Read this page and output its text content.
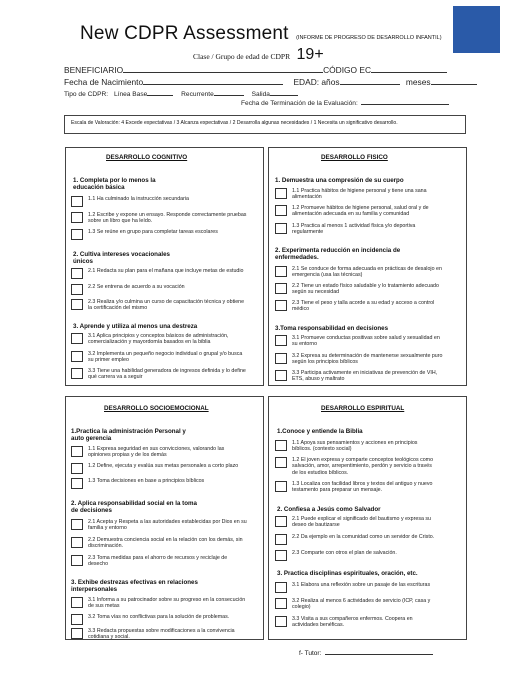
New CDPR Assessment (INFORME DE PROGRESO DE DESARROLLO INFANTIL)
Clase / Grupo de edad de CDPR 19+
BENEFICIARIO	CÓDIGO EC
Fecha de Nacimiento	EDAD: años	meses
Tipo de CDPR: Línea Base	Recurrente	Salida
Fecha de Terminación de la Evaluación:
Escala de Valoración: 4 Excede expectativas / 3 Alcanza expectativas / 2 Desarrolla algunas necesidades / 1 Necesita un significativo desarrollo.
DESARROLLO COGNITIVO
1. Completa por lo menos la
educación básica
1.1 Ha culminado la instrucción secundaria
1.2 Escribe y expone un ensayo. Responde correctamente pruebas
sobre un libro que ha leído.
1.3 Se reúne en grupo para completar tareas escolares
2. Cultiva intereses vocacionales
únicos
2.1 Redacta su plan para el mañana que incluye metas de estudio
2.2 Se entrena de acuerdo a su vocación
2.3 Realiza y/o culmina un curso de capacitación técnica y obtiene
la certificación del mismo
3. Aprende y utiliza al menos una destreza
3.1 Aplica principios y conceptos básicos de administración,
comercialización y mayordomía basados en la biblia
3.2 Implementa un pequeño negocio individual o grupal y/o busca
su primer empleo
3.3 Tiene una habilidad generadora de ingresos definida y lo define
qué carrera va a seguir
DESARROLLO FISICO
1. Demuestra una compresión de su cuerpo
1.1 Practica hábitos de higiene personal y tiene una sana
alimentación
1.2 Promueve hábitos de higiene personal, salud oral y de
alimentación adecuada en su familia y comunidad
1.3 Practica al menos 1 actividad física y/o deportiva
regularmente
2. Experimenta reducción en incidencia de
enfermedades.
2.1 Se conduce de forma adecuada en prácticas de desalojo en
emergencia (usa las técnicas)
2.2 Tiene un estado físico saludable y lo tratamiento adecuado
según su necesidad
2.3 Tiene el peso y talla acorde a su edad y acceso a control
médico
3.Toma responsabilidad en decisiones
3.1 Promueve conductas positivas sobre salud y sexualidad en
su entorno
3.2 Expresa su determinación de mantenerse sexualmente puro
según los principios bíblicos
3.3 Participa activamente en iniciativas de prevención de VIH,
ETS, abuso y maltrato
DESARROLLO SOCIOEMOCIONAL
1.Practica la administración Personal y
auto gerencia
1.1 Expresa seguridad en sus convicciones, valorando las
opiniones propias y de los demás
1.2 Define, ejecuta y evalúa sus metas personales a corto plazo
1.3 Toma decisiones en base a principios bíblicos
2. Aplica responsabilidad social en la toma
de decisiones
2.1 Acepta y Respeta a las autoridades establecidas por Dios en su
familia y entorno
2.2 Demuestra conciencia social en la relación con los demás, sin
discriminación.
2.3 Toma medidas para el ahorro de recursos y reciclaje de
desecho
3. Exhibe destrezas efectivas en relaciones
interpersonales
3.1 Informa a su patrocinador sobre su progreso en la consecución
de sus metas
3.2 Toma vías no conflictivas para la solución de problemas.
3.3 Redacta propuestas sobre modificaciones a la convivencia
cotidiana y social.
DESARROLLO ESPIRITUAL
1.Conoce y entiende la Biblia
1.1 Apoya sus pensamientos y acciones en principios
bíblicos. (contexto social)
1.2 El joven expresa y comparte conceptos teológicos como
salvación, amor, arrepentimiento, perdón y servicio a través
de los estudios bíblicos.
1.3 Localiza con facilidad libros y textos del antiguo y nuevo
testamento para preparar un mensaje.
2. Confiesa a Jesús como Salvador
2.1 Puede explicar el significado del bautismo y expresa su
deseo de bautizarse
2.2 Da ejemplo en la comunidad como un servidor de Cristo.
2.3 Comparte con otros el plan de salvación.
3. Practica disciplinas espirituales, oración, etc.
3.1 Elabora una reflexión sobre un pasaje de las escrituras
3.2 Realiza al menos 6 actividades de servicio (ICP, casa y
colegio)
3.3 Visita a sus compañeros enfermos. Coopera en
actividades benéficas.
f- Tutor:
